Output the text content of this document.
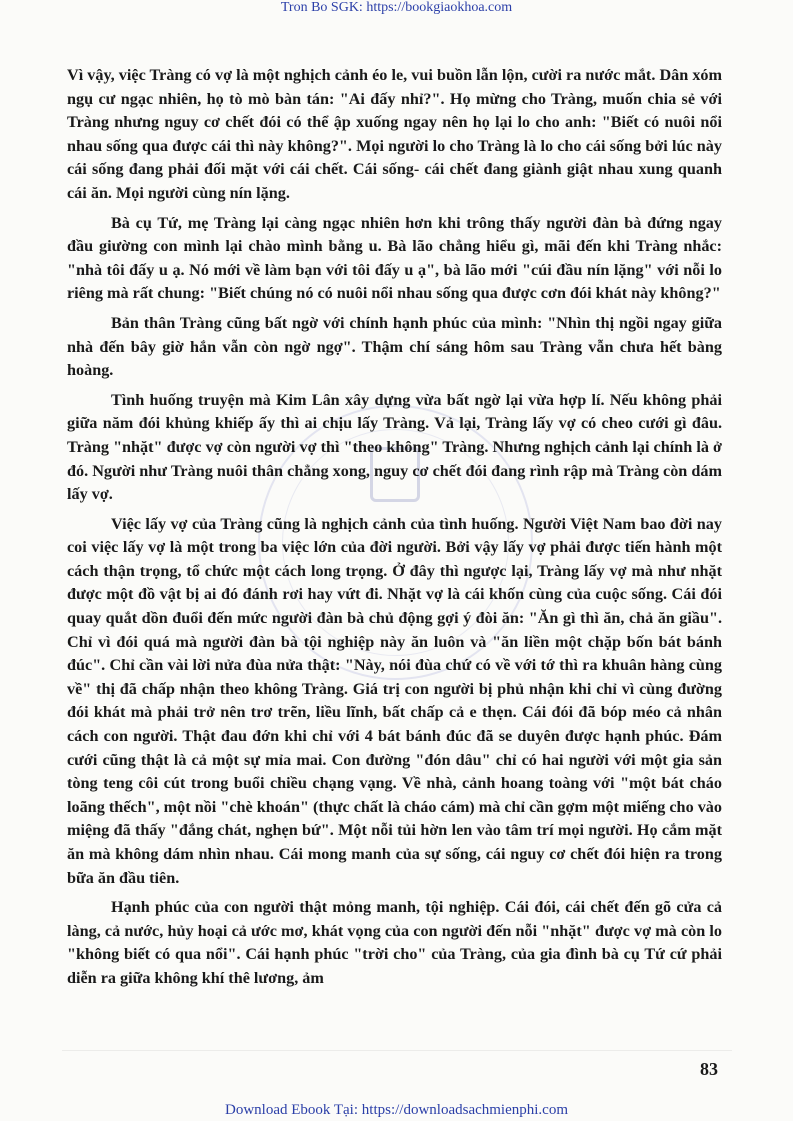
Tron Bo SGK: https://bookgiaokhoa.com

Vì vậy, việc Tràng có vợ là một nghịch cảnh éo le, vui buồn lẫn lộn, cười ra nước mắt. Dân xóm ngụ cư ngạc nhiên, họ tò mò bàn tán: "Ai đấy nhỉ?". Họ mừng cho Tràng, muốn chia sẻ với Tràng nhưng nguy cơ chết đói có thể ập xuống ngay nên họ lại lo cho anh: "Biết có nuôi nổi nhau sống qua được cái thì này không?". Mọi người lo cho Tràng là lo cho cái sống bởi lúc này cái sống đang phải đối mặt với cái chết. Cái sống- cái chết đang giành giật nhau xung quanh cái ăn. Mọi người cùng nín lặng.

Bà cụ Tứ, mẹ Tràng lại càng ngạc nhiên hơn khi trông thấy người đàn bà đứng ngay đầu giường con mình lại chào mình bằng u. Bà lão chẳng hiểu gì, mãi đến khi Tràng nhắc: "nhà tôi đấy u ạ. Nó mới về làm bạn với tôi đấy u ạ", bà lão mới "cúi đầu nín lặng" với nỗi lo riêng mà rất chung: "Biết chúng nó có nuôi nổi nhau sống qua được cơn đói khát này không?"

Bản thân Tràng cũng bất ngờ với chính hạnh phúc của mình: "Nhìn thị ngồi ngay giữa nhà đến bây giờ hắn vẫn còn ngờ ngợ". Thậm chí sáng hôm sau Tràng vẫn chưa hết bàng hoàng.

Tình huống truyện mà Kim Lân xây dựng vừa bất ngờ lại vừa hợp lí. Nếu không phải giữa năm đói khủng khiếp ấy thì ai chịu lấy Tràng. Vả lại, Tràng lấy vợ có cheo cưới gì đâu. Tràng "nhặt" được vợ còn người vợ thì "theo không" Tràng. Nhưng nghịch cảnh lại chính là ở đó. Người như Tràng nuôi thân chẳng xong, nguy cơ chết đói đang rình rập mà Tràng còn dám lấy vợ.

Việc lấy vợ của Tràng cũng là nghịch cảnh của tình huống. Người Việt Nam bao đời nay coi việc lấy vợ là một trong ba việc lớn của đời người. Bởi vậy lấy vợ phải được tiến hành một cách thận trọng, tổ chức một cách long trọng. Ở đây thì ngược lại, Tràng lấy vợ mà như nhặt được một đồ vật bị ai đó đánh rơi hay vứt đi. Nhặt vợ là cái khốn cùng của cuộc sống. Cái đói quay quắt dồn đuổi đến mức người đàn bà chủ động gợi ý đòi ăn: "Ăn gì thì ăn, chả ăn giầu". Chỉ vì đói quá mà người đàn bà tội nghiệp này ăn luôn và "ăn liền một chặp bốn bát bánh đúc". Chỉ cần vài lời nửa đùa nửa thật: "Này, nói đùa chứ có về với tớ thì ra khuân hàng cùng về" thị đã chấp nhận theo không Tràng. Giá trị con người bị phủ nhận khi chỉ vì cùng đường đói khát mà phải trở nên trơ trẽn, liều lĩnh, bất chấp cả e thẹn. Cái đói đã bóp méo cả nhân cách con người. Thật đau đớn khi chỉ với 4 bát bánh đúc đã se duyên được hạnh phúc. Đám cưới cũng thật là cả một sự mỉa mai. Con đường "đón dâu" chỉ có hai người với một gia sản tòng teng côi cút trong buổi chiều chạng vạng. Về nhà, cảnh hoang toàng với "một bát cháo loãng thếch", một nồi "chè khoán" (thực chất là cháo cám) mà chỉ cần gợm một miếng cho vào miệng đã thấy "đắng chát, nghẹn bứ". Một nỗi tủi hờn len vào tâm trí mọi người. Họ cắm mặt ăn mà không dám nhìn nhau. Cái mong manh của sự sống, cái nguy cơ chết đói hiện ra trong bữa ăn đầu tiên.

Hạnh phúc của con người thật mỏng manh, tội nghiệp. Cái đói, cái chết đến gõ cửa cả làng, cả nước, hủy hoại cả ước mơ, khát vọng của con người đến nỗi "nhặt" được vợ mà còn lo "không biết có qua nổi". Cái hạnh phúc "trời cho" của Tràng, của gia đình bà cụ Tứ cứ phải diễn ra giữa không khí thê lương, ảm

83
Download Ebook Tại: https://downloadsachmienphi.com
